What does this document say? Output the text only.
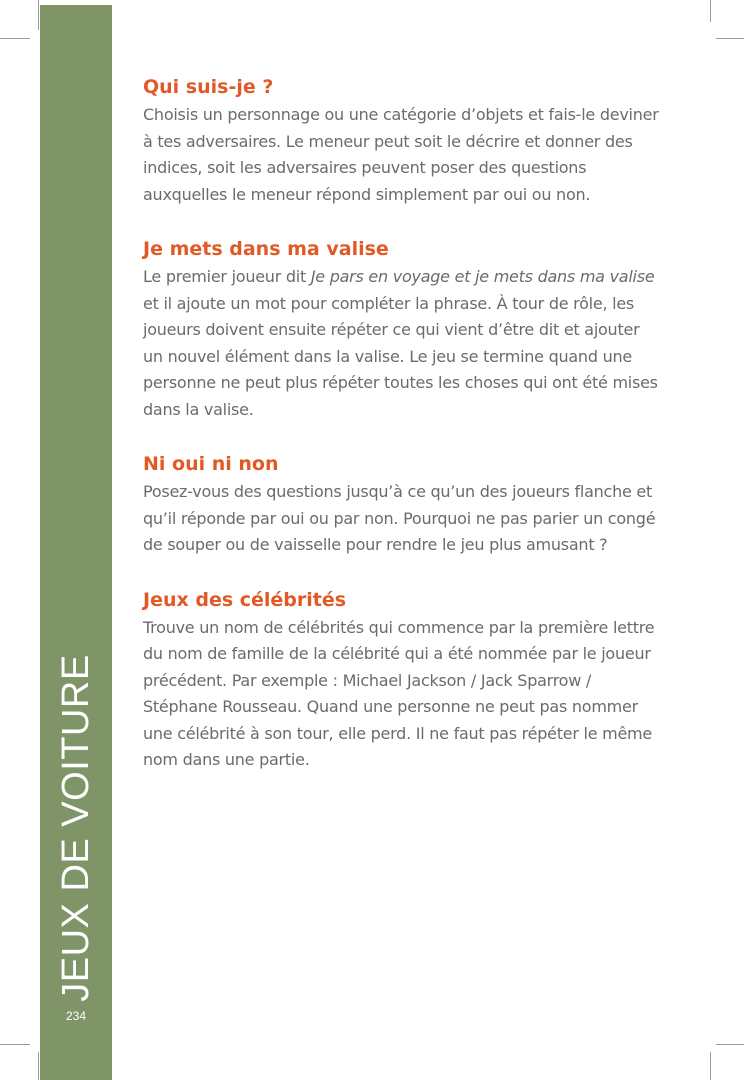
JEUX DE VOITURE
234
Qui suis-je ?

Choisis un personnage ou une catégorie d’objets et fais-le deviner à tes adversaires. Le meneur peut soit le décrire et donner des indices, soit les adversaires peuvent poser des questions auxquelles le meneur répond simplement par oui ou non.

Je mets dans ma valise

Le premier joueur dit Je pars en voyage et je mets dans ma valise et il ajoute un mot pour compléter la phrase. À tour de rôle, les joueurs doivent ensuite répéter ce qui vient d’être dit et ajouter un nouvel élément dans la valise. Le jeu se termine quand une personne ne peut plus répéter toutes les choses qui ont été mises dans la valise.

Ni oui ni non

Posez-vous des questions jusqu’à ce qu’un des joueurs flanche et qu’il réponde par oui ou par non. Pourquoi ne pas parier un congé de souper ou de vaisselle pour rendre le jeu plus amusant ?

Jeux des célébrités

Trouve un nom de célébrités qui commence par la première lettre du nom de famille de la célébrité qui a été nommée par le joueur précédent. Par exemple : Michael Jackson / Jack Sparrow / Stéphane Rousseau. Quand une personne ne peut pas nommer une célébrité à son tour, elle perd. Il ne faut pas répéter le même nom dans une partie.
